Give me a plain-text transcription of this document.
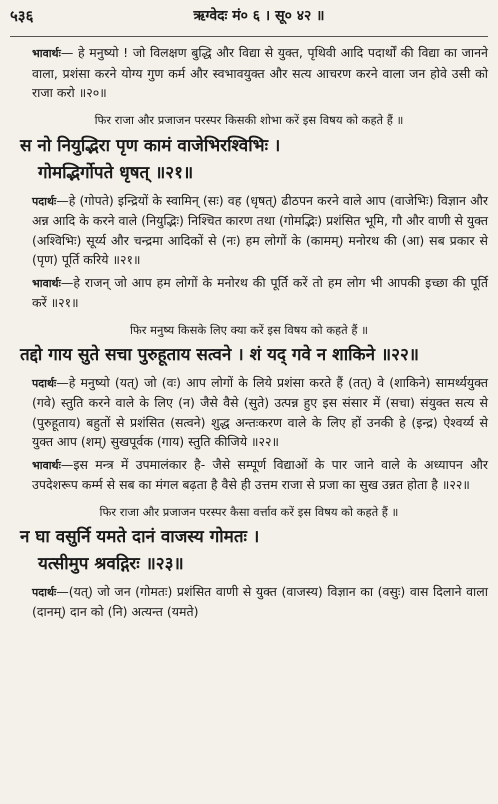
५३६	ऋग्वेदः मं० ६ । सू० ४२ ॥

भावार्थः— हे मनुष्यो ! जो विलक्षण बुद्धि और विद्या से युक्त, पृथिवी आदि पदार्थों की विद्या का जानने वाला, प्रशंसा करने योग्य गुण कर्म और स्वभावयुक्त और सत्य आचरण करने वाला जन होवे उसी को राजा करो ॥२०॥

फिर राजा और प्रजाजन परस्पर किसकी शोभा करें इस विषय को कहते हैं ॥

स नो नियुद्भिरा पृण कामं वाजेभिरश्विभिः ।

गोमद्भिर्गोपते धृषत् ॥२१॥

पदार्थः—हे (गोपते) इन्द्रियों के स्वामिन् (सः) वह (धृषत्) ढीठपन करने वाले आप (वाजेभिः) विज्ञान और अन्न आदि के करने वाले (नियुद्भिः) निश्चित कारण तथा (गोमद्भिः) प्रशंसित भूमि, गौ और वाणी से युक्त (अश्विभिः) सूर्य्य और चन्द्रमा आदिकों से (नः) हम लोगों के (कामम्) मनोरथ की (आ) सब प्रकार से (पृण) पूर्ति करिये ॥२१॥

भावार्थः—हे राजन् जो आप हम लोगों के मनोरथ की पूर्ति करें तो हम लोग भी आपकी इच्छा की पूर्ति करें ॥२१॥

फिर मनुष्य किसके लिए क्या करें इस विषय को कहते हैं ॥

तद्दो गाय सुते सचा पुरुहूताय सत्वने । शं यद् गवे न शाकिने ॥२२॥

पदार्थः—हे मनुष्यो (यत्) जो (वः) आप लोगों के लिये प्रशंसा करते हैं (तत्) वे (शाकिने) सामर्थ्ययुक्त (गवे) स्तुति करने वाले के लिए (न) जैसे वैसे (सुते) उत्पन्न हुए इस संसार में (सचा) संयुक्त सत्य से (पुरुहूताय) बहुतों से प्रशंसित (सत्वने) शुद्ध अन्तःकरण वाले के लिए हों उनकी हे (इन्द्र) ऐश्वर्य्य से युक्त आप (शम्) सुखपूर्वक (गाय) स्तुति कीजिये ॥२२॥

भावार्थः—इस मन्त्र में उपमालंकार है- जैसे सम्पूर्ण विद्याओं के पार जाने वाले के अध्यापन और उपदेशरूप कर्म्म से सब का मंगल बढ़ता है वैसे ही उत्तम राजा से प्रजा का सुख उन्नत होता है ॥२२॥

फिर राजा और प्रजाजन परस्पर कैसा वर्त्ताव करें इस विषय को कहते हैं ॥

न घा वसुर्नि यमते दानं वाजस्य गोमतः ।

यत्सीमुप श्रवद्गिरः ॥२३॥

पदार्थः—(यत्) जो जन (गोमतः) प्रशंसित वाणी से युक्त (वाजस्य) विज्ञान का (वसुः) वास दिलाने वाला (दानम्) दान को (नि) अत्यन्त (यमते)
